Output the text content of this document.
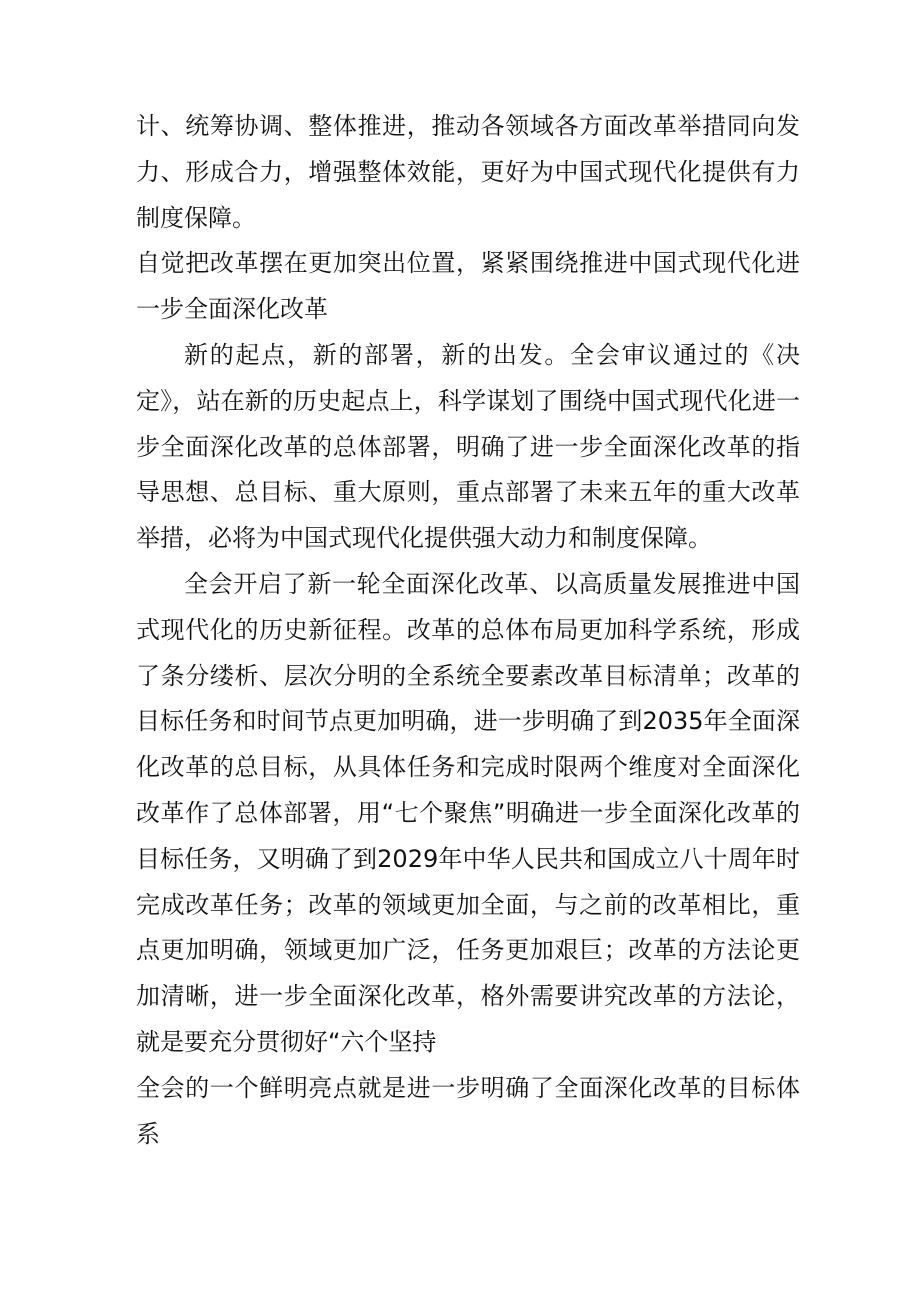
计、统筹协调、整体推进，推动各领域各方面改革举措同向发力、形成合力，增强整体效能，更好为中国式现代化提供有力制度保障。

自觉把改革摆在更加突出位置，紧紧围绕推进中国式现代化进一步全面深化改革

新的起点，新的部署，新的出发。全会审议通过的《决定》，站在新的历史起点上，科学谋划了围绕中国式现代化进一步全面深化改革的总体部署，明确了进一步全面深化改革的指导思想、总目标、重大原则，重点部署了未来五年的重大改革举措，必将为中国式现代化提供强大动力和制度保障。

全会开启了新一轮全面深化改革、以高质量发展推进中国式现代化的历史新征程。改革的总体布局更加科学系统，形成了条分缕析、层次分明的全系统全要素改革目标清单；改革的目标任务和时间节点更加明确，进一步明确了到2035年全面深化改革的总目标，从具体任务和完成时限两个维度对全面深化改革作了总体部署，用“七个聚焦”明确进一步全面深化改革的目标任务，又明确了到2029年中华人民共和国成立八十周年时完成改革任务；改革的领域更加全面，与之前的改革相比，重点更加明确，领域更加广泛，任务更加艰巨；改革的方法论更加清晰，进一步全面深化改革，格外需要讲究改革的方法论，就是要充分贯彻好“六个坚持

全会的一个鲜明亮点就是进一步明确了全面深化改革的目标体系
